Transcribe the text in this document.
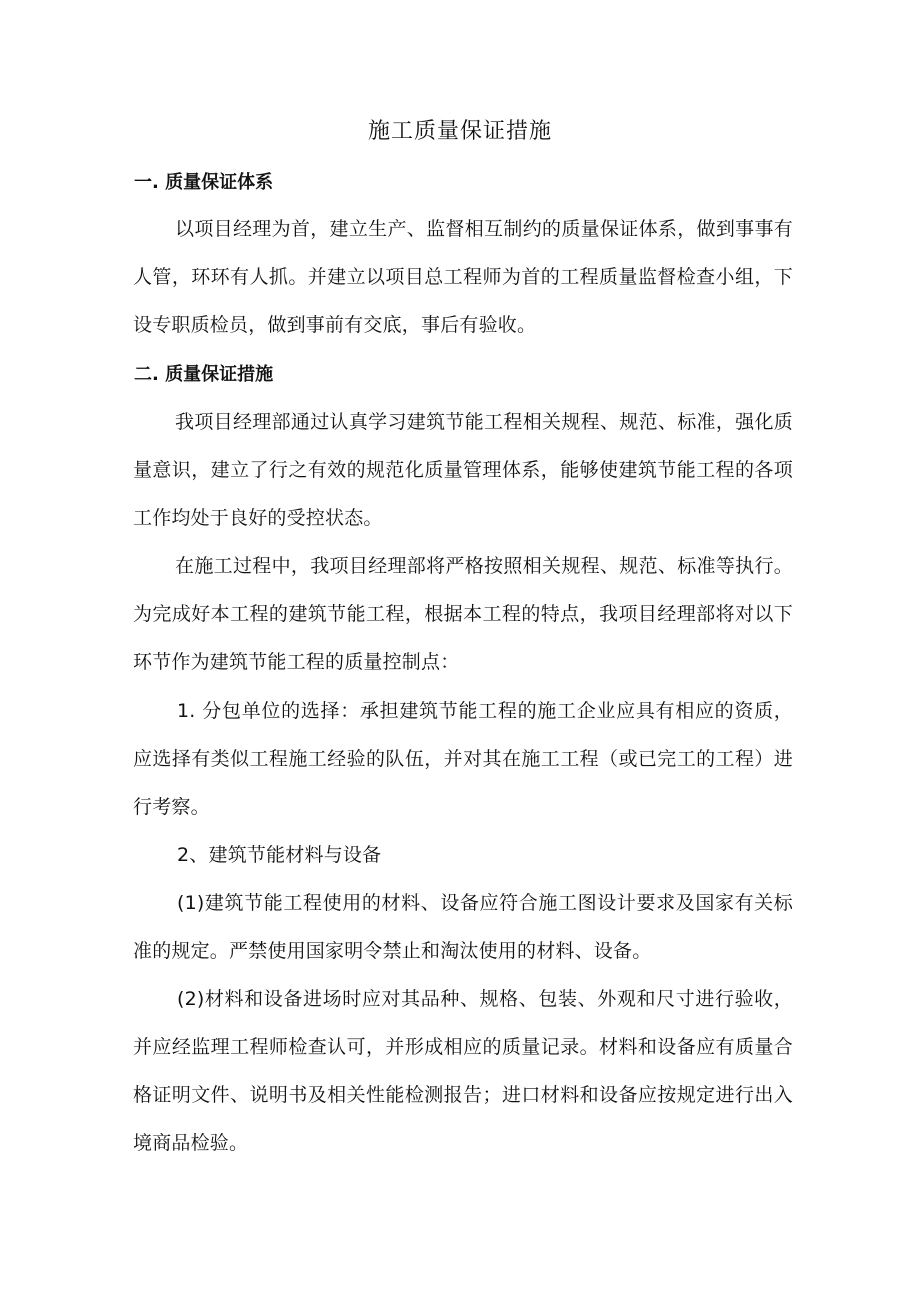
施工质量保证措施
一. 质量保证体系
以项目经理为首，建立生产、监督相互制约的质量保证体系，做到事事有人管，环环有人抓。并建立以项目总工程师为首的工程质量监督检查小组，下设专职质检员，做到事前有交底，事后有验收。
二. 质量保证措施
我项目经理部通过认真学习建筑节能工程相关规程、规范、标准，强化质量意识，建立了行之有效的规范化质量管理体系，能够使建筑节能工程的各项工作均处于良好的受控状态。
在施工过程中，我项目经理部将严格按照相关规程、规范、标准等执行。为完成好本工程的建筑节能工程，根据本工程的特点，我项目经理部将对以下环节作为建筑节能工程的质量控制点：
1. 分包单位的选择：承担建筑节能工程的施工企业应具有相应的资质，应选择有类似工程施工经验的队伍，并对其在施工工程（或已完工的工程）进行考察。
2、建筑节能材料与设备
(1)建筑节能工程使用的材料、设备应符合施工图设计要求及国家有关标准的规定。严禁使用国家明令禁止和淘汰使用的材料、设备。
(2)材料和设备进场时应对其品种、规格、包装、外观和尺寸进行验收，并应经监理工程师检查认可，并形成相应的质量记录。材料和设备应有质量合格证明文件、说明书及相关性能检测报告；进口材料和设备应按规定进行出入境商品检验。
